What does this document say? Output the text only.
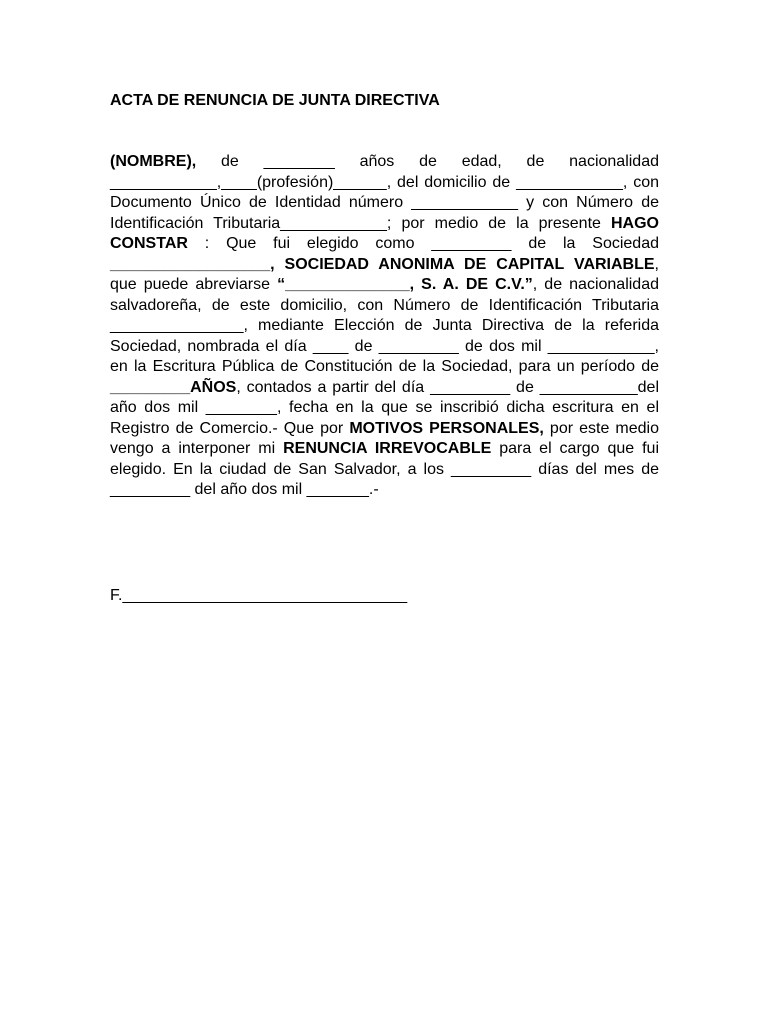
ACTA DE RENUNCIA DE JUNTA DIRECTIVA
(NOMBRE), de ________ años de edad, de nacionalidad ____________,____(profesión)______, del domicilio de ____________, con Documento Único de Identidad número ____________ y con Número de Identificación Tributaria____________; por medio de la presente HAGO CONSTAR : Que fui elegido como _________ de la Sociedad __________________, SOCIEDAD ANONIMA DE CAPITAL VARIABLE, que puede abreviarse “______________, S. A. DE C.V.”, de nacionalidad salvadoreña, de este domicilio, con Número de Identificación Tributaria _______________, mediante Elección de Junta Directiva de la referida Sociedad, nombrada el día ____ de _________ de dos mil ____________, en la Escritura Pública de Constitución de la Sociedad, para un período de _________AÑOS, contados a partir del día _________ de ___________del año dos mil ________, fecha en la que se inscribió dicha escritura en el Registro de Comercio.- Que por MOTIVOS PERSONALES, por este medio vengo a interponer mi RENUNCIA IRREVOCABLE para el cargo que fui elegido. En la ciudad de San Salvador, a los _________ días del mes de _________ del año dos mil _______.-
F.________________________________
